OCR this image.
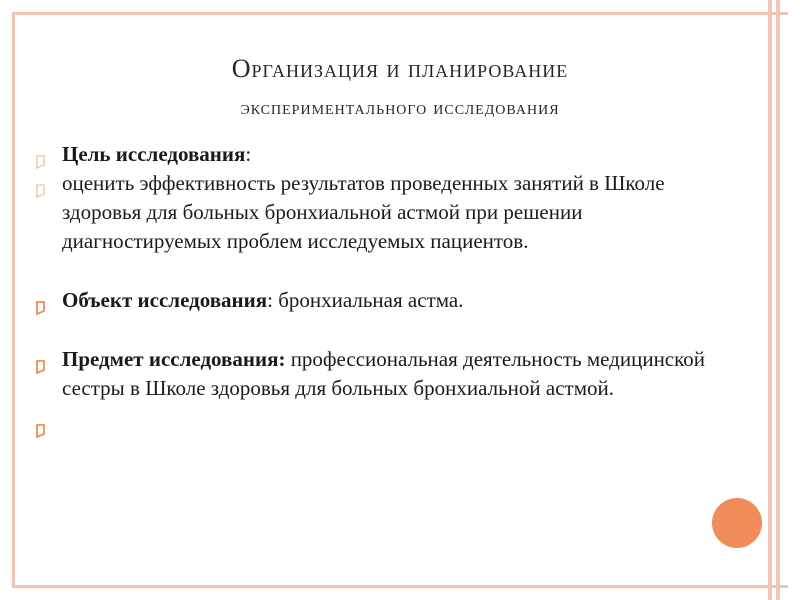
Организация и планирование
экспериментального исследования
Цель исследования:
оценить эффективность результатов проведенных занятий в Школе здоровья для больных бронхиальной астмой при решении диагностируемых проблем исследуемых пациентов.
Объект исследования: бронхиальная астма.
Предмет исследования: профессиональная деятельность медицинской сестры в Школе здоровья для больных бронхиальной астмой.
